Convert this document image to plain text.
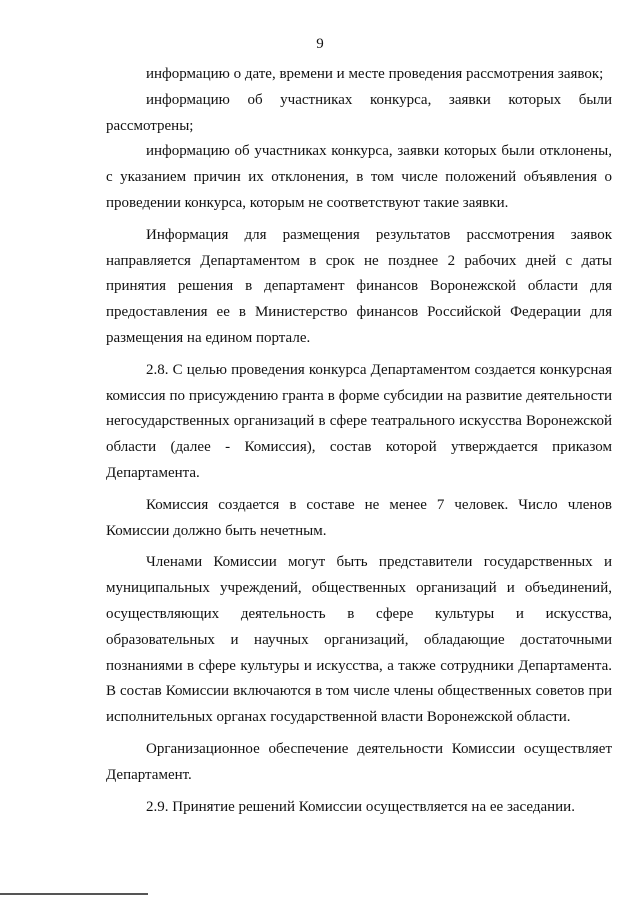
9

информацию о дате, времени и месте проведения рассмотрения заявок;

информацию об участниках конкурса, заявки которых были рассмотрены;

информацию об участниках конкурса, заявки которых были отклонены, с указанием причин их отклонения, в том числе положений объявления о проведении конкурса, которым не соответствуют такие заявки.

Информация для размещения результатов рассмотрения заявок направляется Департаментом в срок не позднее 2 рабочих дней с даты принятия решения в департамент финансов Воронежской области для предоставления ее в Министерство финансов Российской Федерации для размещения на едином портале.

2.8. С целью проведения конкурса Департаментом создается конкурсная комиссия по присуждению гранта в форме субсидии на развитие деятельности негосударственных организаций в сфере театрального искусства Воронежской области (далее - Комиссия), состав которой утверждается приказом Департамента.

Комиссия создается в составе не менее 7 человек. Число членов Комиссии должно быть нечетным.

Членами Комиссии могут быть представители государственных и муниципальных учреждений, общественных организаций и объединений, осуществляющих деятельность в сфере культуры и искусства, образовательных и научных организаций, обладающие достаточными познаниями в сфере культуры и искусства, а также сотрудники Департамента. В состав Комиссии включаются в том числе члены общественных советов при исполнительных органах государственной власти Воронежской области.

Организационное обеспечение деятельности Комиссии осуществляет Департамент.

2.9. Принятие решений Комиссии осуществляется на ее заседании.
